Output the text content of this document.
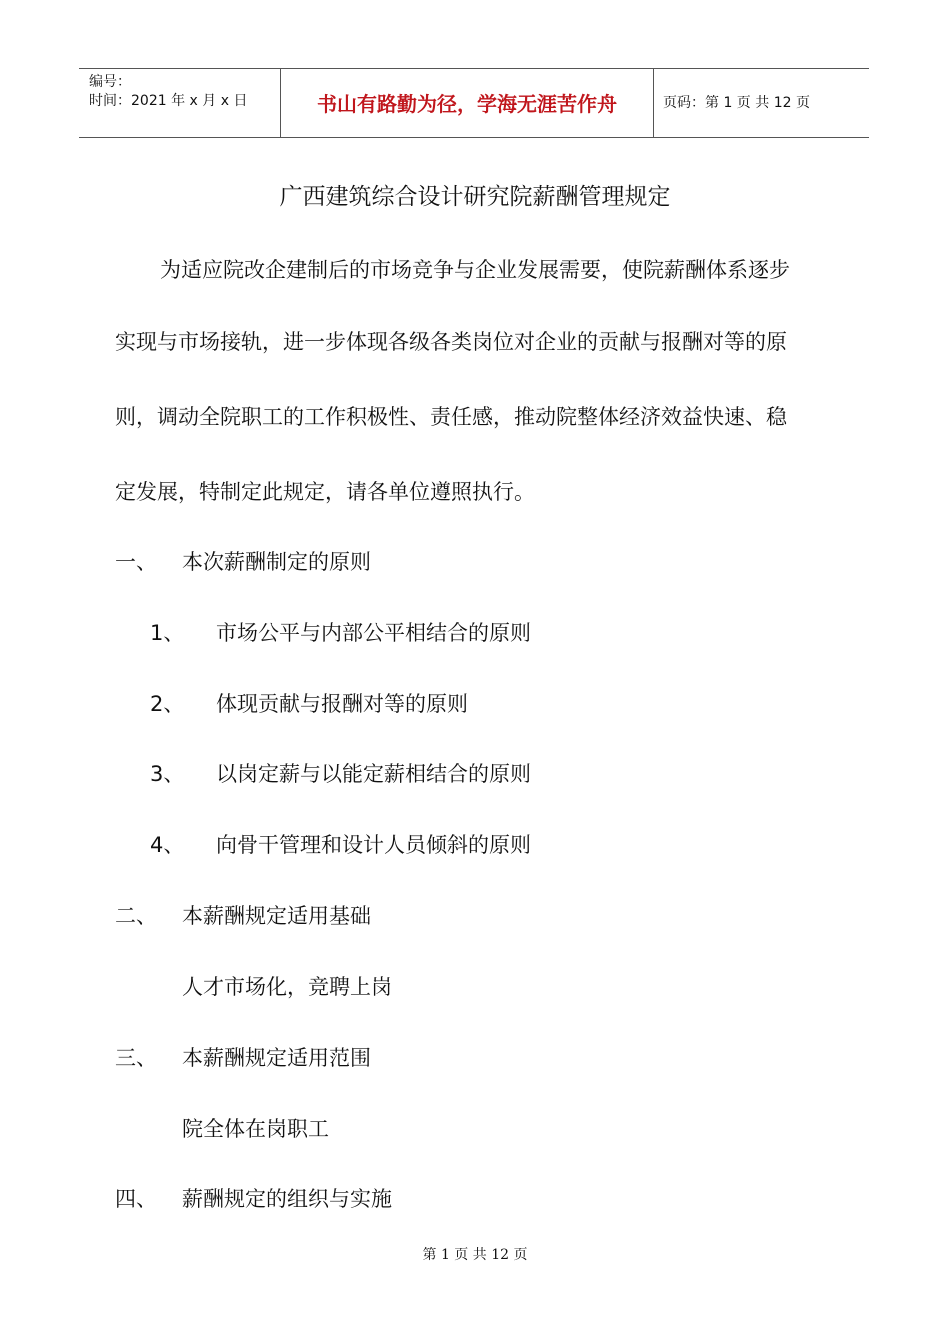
编号：
时间：2021 年 x 月 x 日	书山有路勤为径，学海无涯苦作舟	页码：第 1 页 共 12 页
广西建筑综合设计研究院薪酬管理规定
为适应院改企建制后的市场竞争与企业发展需要，使院薪酬体系逐步
实现与市场接轨，进一步体现各级各类岗位对企业的贡献与报酬对等的原
则，调动全院职工的工作积极性、责任感，推动院整体经济效益快速、稳
定发展，特制定此规定，请各单位遵照执行。
一、 本次薪酬制定的原则
1、 市场公平与内部公平相结合的原则
2、 体现贡献与报酬对等的原则
3、 以岗定薪与以能定薪相结合的原则
4、 向骨干管理和设计人员倾斜的原则
二、 本薪酬规定适用基础
人才市场化，竞聘上岗
三、 本薪酬规定适用范围
院全体在岗职工
四、 薪酬规定的组织与实施
第 1 页 共 12 页
